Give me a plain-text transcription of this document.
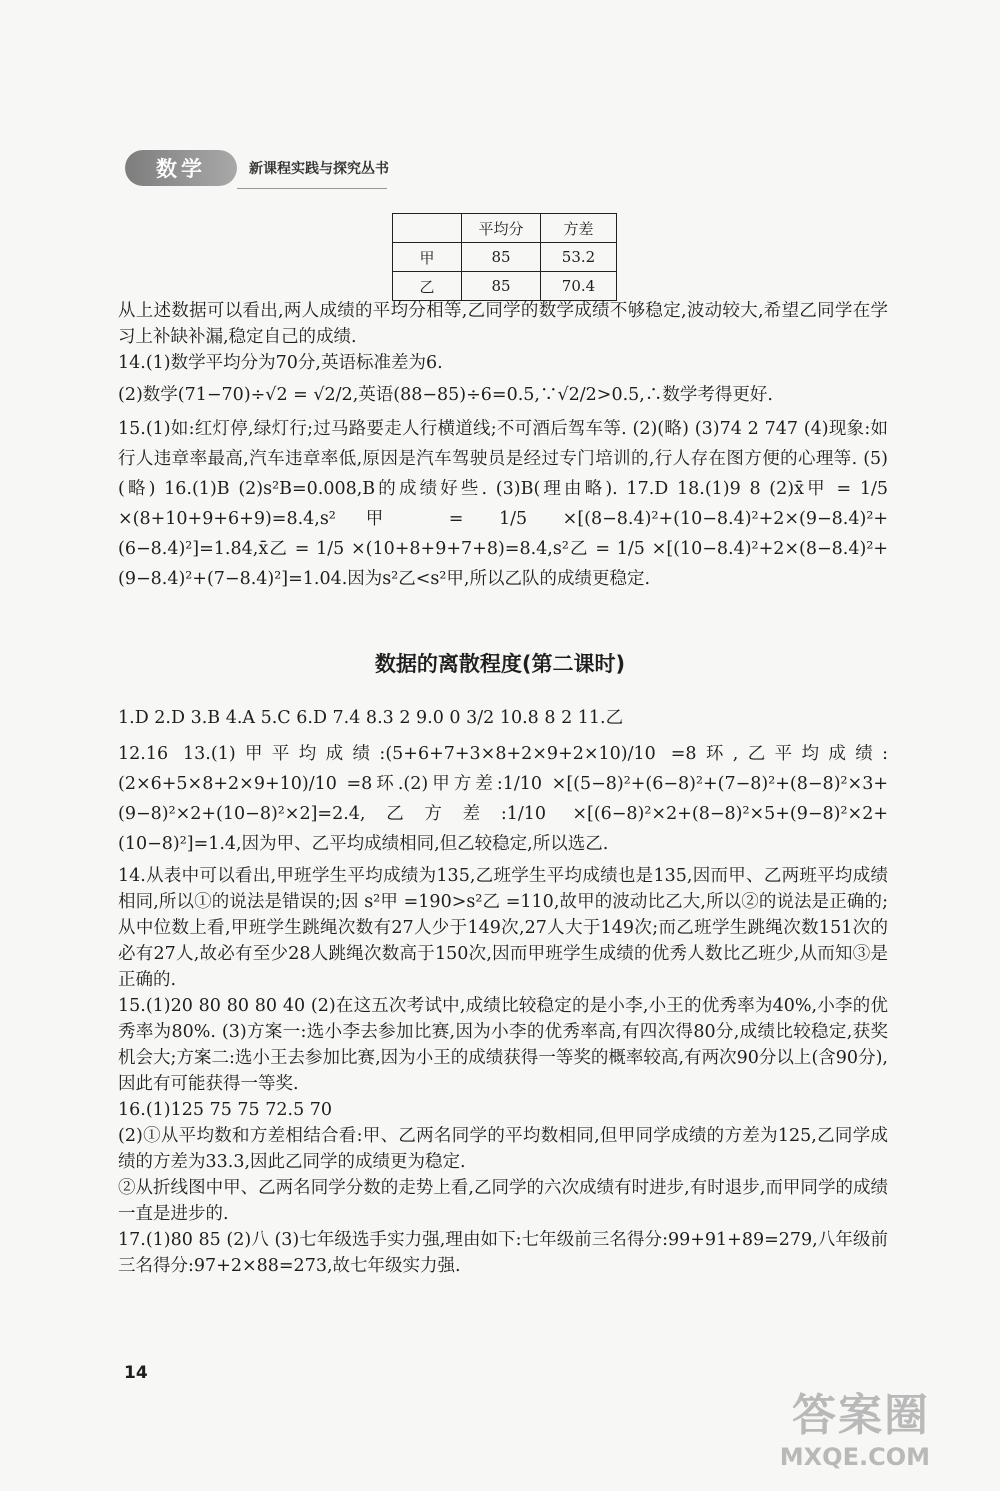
数学	新课程实践与探究丛书
	平均分	方差
甲	85	53.2
乙	85	70.4

从上述数据可以看出,两人成绩的平均分相等,乙同学的数学成绩不够稳定,波动较大,希望乙同学在学习上补缺补漏,稳定自己的成绩.

14.(1)数学平均分为70分,英语标准差为6.

(2)数学(71−70)÷√2 = √2/2,英语(88−85)÷6=0.5,∵√2/2>0.5,∴数学考得更好.

15.(1)如:红灯停,绿灯行;过马路要走人行横道线;不可酒后驾车等. (2)(略) (3)74 2 747 (4)现象:如行人违章率最高,汽车违章率低,原因是汽车驾驶员是经过专门培训的,行人存在图方便的心理等. (5)(略) 16.(1)B (2)s²B=0.008,B的成绩好些. (3)B(理由略). 17.D 18.(1)9 8 (2)x̄甲 = 1/5 ×(8+10+9+6+9)=8.4,s²甲 = 1/5 ×[(8−8.4)²+(10−8.4)²+2×(9−8.4)²+(6−8.4)²]=1.84,x̄乙 = 1/5 ×(10+8+9+7+8)=8.4,s²乙 = 1/5 ×[(10−8.4)²+2×(8−8.4)²+(9−8.4)²+(7−8.4)²]=1.04.因为s²乙<s²甲,所以乙队的成绩更稳定.

数据的离散程度(第二课时)

1.D 2.D 3.B 4.A 5.C 6.D 7.4 8.3 2 9.0 0 3/2 10.8 8 2 11.乙

12.16 13.(1)甲平均成绩:(5+6+7+3×8+2×9+2×10)/10 =8环,乙平均成绩:(2×6+5×8+2×9+10)/10 =8环.(2)甲方差:1/10 ×[(5−8)²+(6−8)²+(7−8)²+(8−8)²×3+(9−8)²×2+(10−8)²×2]=2.4,乙方差:1/10 ×[(6−8)²×2+(8−8)²×5+(9−8)²×2+(10−8)²]=1.4,因为甲、乙平均成绩相同,但乙较稳定,所以选乙.

14.从表中可以看出,甲班学生平均成绩为135,乙班学生平均成绩也是135,因而甲、乙两班平均成绩相同,所以①的说法是错误的;因 s²甲 =190>s²乙 =110,故甲的波动比乙大,所以②的说法是正确的;从中位数上看,甲班学生跳绳次数有27人少于149次,27人大于149次;而乙班学生跳绳次数151次的必有27人,故必有至少28人跳绳次数高于150次,因而甲班学生成绩的优秀人数比乙班少,从而知③是正确的.

15.(1)20 80 80 80 40 (2)在这五次考试中,成绩比较稳定的是小李,小王的优秀率为40%,小李的优秀率为80%. (3)方案一:选小李去参加比赛,因为小李的优秀率高,有四次得80分,成绩比较稳定,获奖机会大;方案二:选小王去参加比赛,因为小王的成绩获得一等奖的概率较高,有两次90分以上(含90分),因此有可能获得一等奖.

16.(1)125 75 75 72.5 70

(2)①从平均数和方差相结合看:甲、乙两名同学的平均数相同,但甲同学成绩的方差为125,乙同学成绩的方差为33.3,因此乙同学的成绩更为稳定.

②从折线图中甲、乙两名同学分数的走势上看,乙同学的六次成绩有时进步,有时退步,而甲同学的成绩一直是进步的.

17.(1)80 85 (2)八 (3)七年级选手实力强,理由如下:七年级前三名得分:99+91+89=279,八年级前三名得分:97+2×88=273,故七年级实力强.

14
答案圈
MXQE.COM
